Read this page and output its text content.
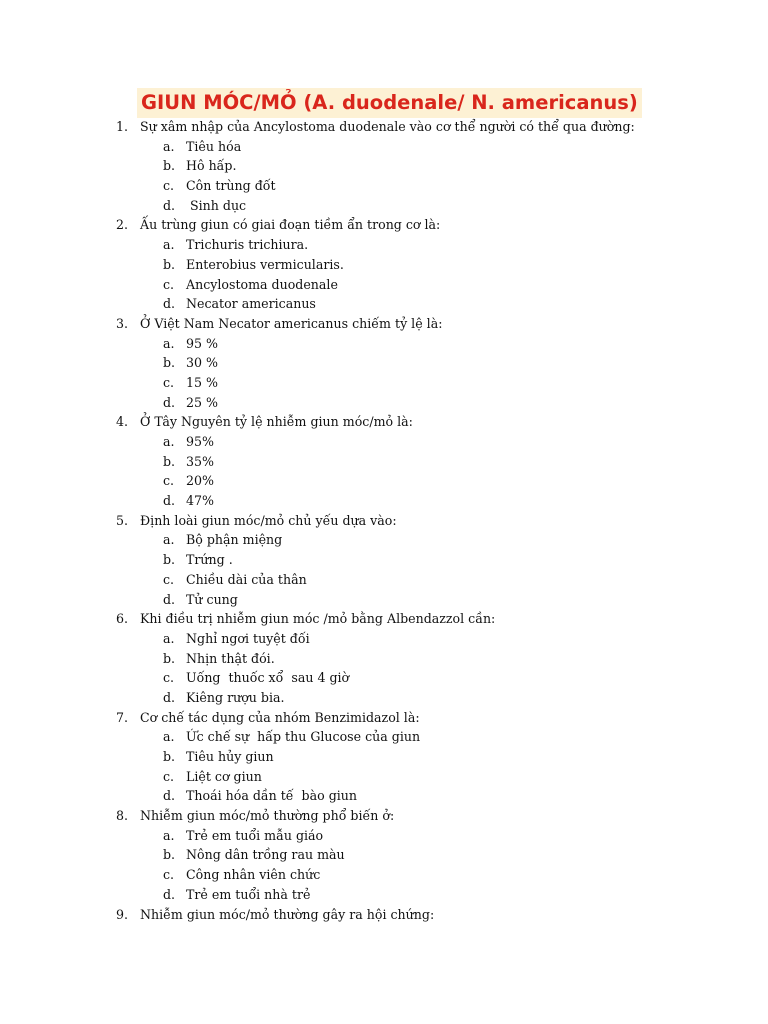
GIUN MÓC/MỎ (A. duodenale/ N. americanus)
1. Sự xâm nhập của Ancylostoma duodenale vào cơ thể người có thể qua đường:
a. Tiêu hóa
b. Hô hấp.
c. Côn trùng đốt
d. Sinh dục
2. Ấu trùng giun có giai đoạn tiềm ẩn trong cơ là:
a. Trichuris trichiura.
b. Enterobius vermicularis.
c. Ancylostoma duodenale
d. Necator americanus
3. Ở Việt Nam Necator americanus chiếm tỷ lệ là:
a. 95 %
b. 30 %
c. 15 %
d. 25 %
4. Ở Tây Nguyên tỷ lệ nhiễm giun móc/mỏ là:
a. 95%
b. 35%
c. 20%
d. 47%
5. Định loài giun móc/mỏ chủ yếu dựa vào:
a. Bộ phận miệng
b. Trứng .
c. Chiều dài của thân
d. Tử cung
6. Khi điều trị nhiễm giun móc /mỏ bằng Albendazzol cần:
a. Nghỉ ngơi tuyệt đối
b. Nhịn thật đói.
c. Uống  thuốc xổ  sau 4 giờ
d. Kiêng rượu bia.
7. Cơ chế tác dụng của nhóm Benzimidazol là:
a. Ức chế sự  hấp thu Glucose của giun
b. Tiêu hủy giun
c. Liệt cơ giun
d. Thoái hóa dần tế  bào giun
8. Nhiễm giun móc/mỏ thường phổ biến ở:
a. Trẻ em tuổi mẫu giáo
b. Nông dân trồng rau màu
c. Công nhân viên chức
d. Trẻ em tuổi nhà trẻ
9. Nhiễm giun móc/mỏ thường gây ra hội chứng:
